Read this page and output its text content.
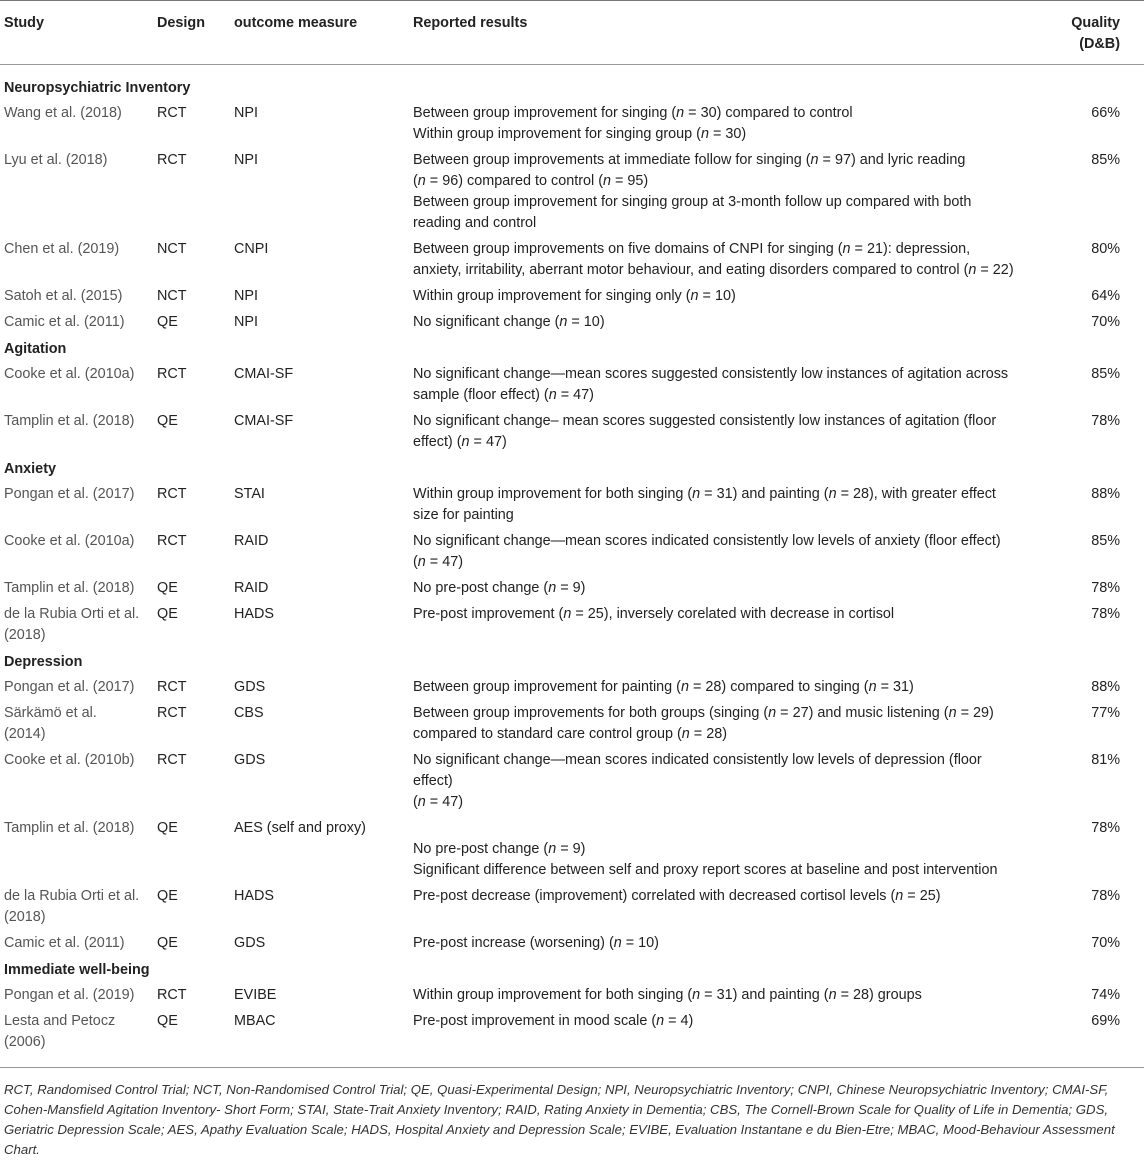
Study	Design	outcome measure	Reported results	Quality
(D&B)

Neuropsychiatric Inventory				

Wang et al. (2018)	RCT	NPI	Between group improvement for singing (n = 30) compared to control
Within group improvement for singing group (n = 30)	66%

Lyu et al. (2018)	RCT	NPI	Between group improvements at immediate follow for singing (n = 97) and lyric reading
(n = 96) compared to control (n = 95)
Between group improvement for singing group at 3-month follow up compared with both
reading and control	85%

Chen et al. (2019)	NCT	CNPI	Between group improvements on five domains of CNPI for singing (n = 21): depression,
anxiety, irritability, aberrant motor behaviour, and eating disorders compared to control (n = 22)	80%

Satoh et al. (2015)	NCT	NPI	Within group improvement for singing only (n = 10)	64%

Camic et al. (2011)	QE	NPI	No significant change (n = 10)	70%
Agitation				

Cooke et al. (2010a)	RCT	CMAI-SF	No significant change—mean scores suggested consistently low instances of agitation across
sample (floor effect) (n = 47)	85%

Tamplin et al. (2018)	QE	CMAI-SF	No significant change– mean scores suggested consistently low instances of agitation (floor
effect) (n = 47)	78%
Anxiety				

Pongan et al. (2017)	RCT	STAI	Within group improvement for both singing (n = 31) and painting (n = 28), with greater effect
size for painting	88%

Cooke et al. (2010a)	RCT	RAID	No significant change—mean scores indicated consistently low levels of anxiety (floor effect)
(n = 47)	85%

Tamplin et al. (2018)	QE	RAID	No pre-post change (n = 9)	78%

de la Rubia Orti et al.
(2018)	QE	HADS	Pre-post improvement (n = 25), inversely corelated with decrease in cortisol	78%
Depression				

Pongan et al. (2017)	RCT	GDS	Between group improvement for painting (n = 28) compared to singing (n = 31)	88%

Särkämö et al.
(2014)	RCT	CBS	Between group improvements for both groups (singing (n = 27) and music listening (n = 29)
compared to standard care control group (n = 28)	77%

Cooke et al. (2010b)	RCT	GDS	No significant change—mean scores indicated consistently low levels of depression (floor
effect)
(n = 47)	81%

Tamplin et al. (2018)	QE	AES (self and proxy)	No pre-post change (n = 9)
Significant difference between self and proxy report scores at baseline and post intervention	78%

de la Rubia Orti et al.
(2018)	QE	HADS	Pre-post decrease (improvement) correlated with decreased cortisol levels (n = 25)	78%

Camic et al. (2011)	QE	GDS	Pre-post increase (worsening) (n = 10)	70%
Immediate well-being				

Pongan et al. (2019)	RCT	EVIBE	Within group improvement for both singing (n = 31) and painting (n = 28) groups	74%

Lesta and Petocz
(2006)	QE	MBAC	Pre-post improvement in mood scale (n = 4)	69%

RCT, Randomised Control Trial; NCT, Non-Randomised Control Trial; QE, Quasi-Experimental Design; NPI, Neuropsychiatric Inventory; CNPI, Chinese Neuropsychiatric Inventory; CMAI-SF, Cohen-Mansfield Agitation Inventory- Short Form; STAI, State-Trait Anxiety Inventory; RAID, Rating Anxiety in Dementia; CBS, The Cornell-Brown Scale for Quality of Life in Dementia; GDS, Geriatric Depression Scale; AES, Apathy Evaluation Scale; HADS, Hospital Anxiety and Depression Scale; EVIBE, Evaluation Instantane e du Bien-Etre; MBAC, Mood-Behaviour Assessment Chart.
